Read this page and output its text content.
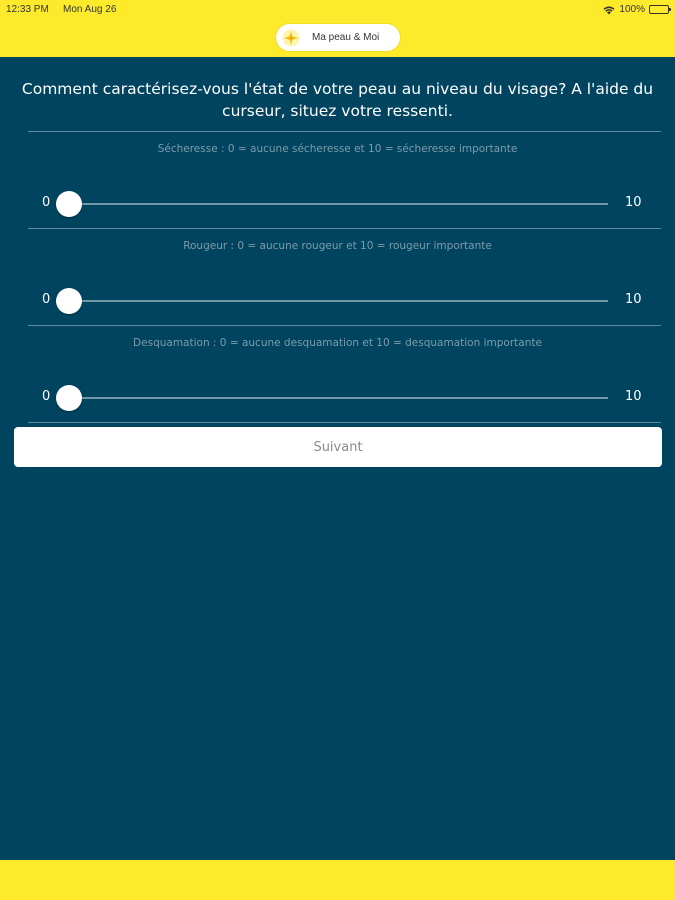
12:33 PM Mon Aug 26	100%
Ma peau & Moi
Comment caractérisez-vous l'état de votre peau au niveau du visage? A l'aide du curseur, situez votre ressenti.
Sécheresse : 0 = aucune sécheresse et 10 = sécheresse importante
0	10
Rougeur : 0 = aucune rougeur et 10 = rougeur importante
0	10
Desquamation : 0 = aucune desquamation et 10 = desquamation importante
0	10
Suivant
